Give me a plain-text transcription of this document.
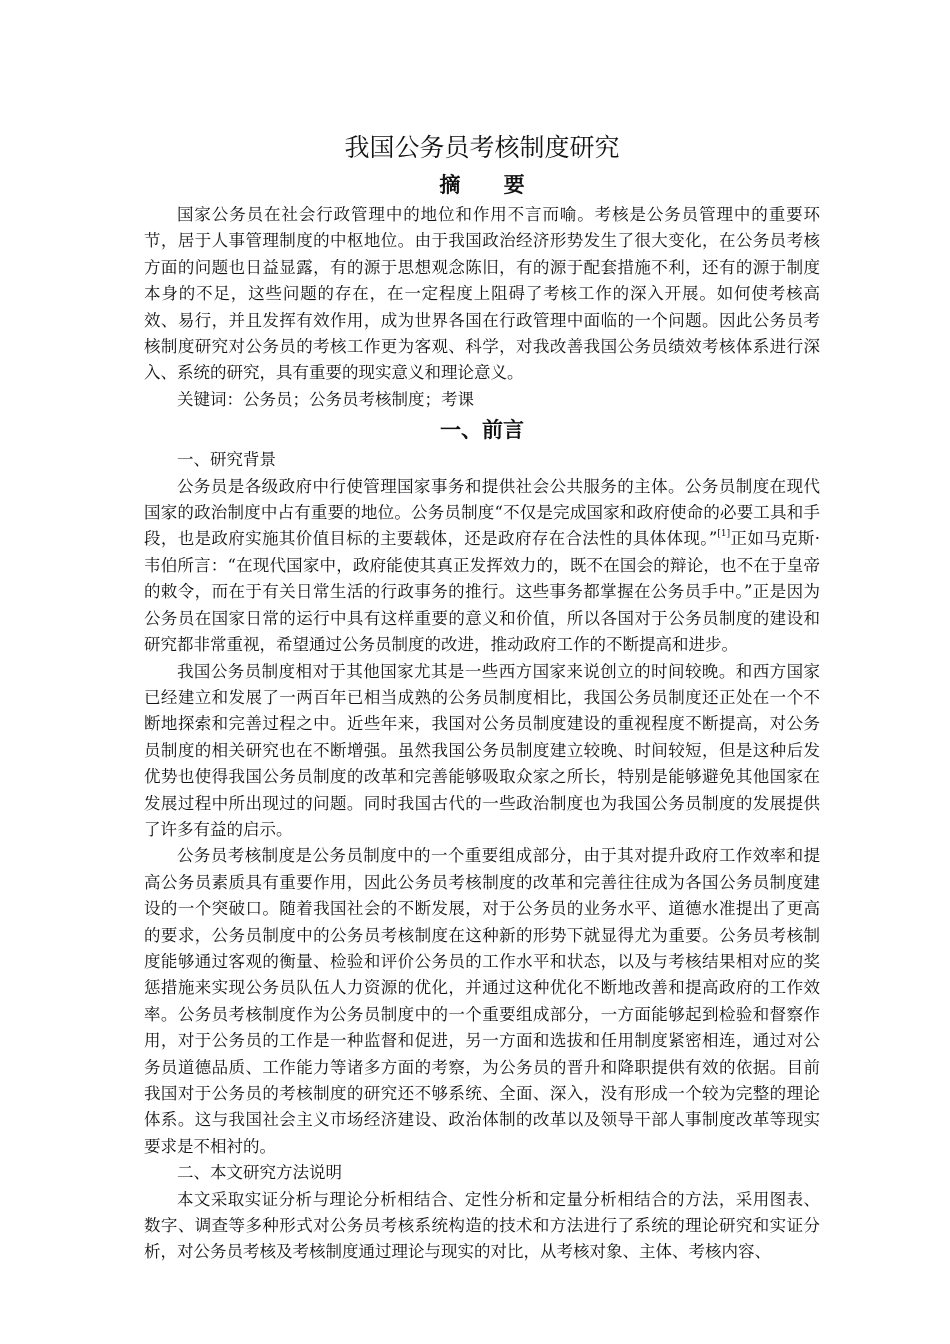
我国公务员考核制度研究
摘 要

国家公务员在社会行政管理中的地位和作用不言而喻。考核是公务员管理中的重要环节，居于人事管理制度的中枢地位。由于我国政治经济形势发生了很大变化，在公务员考核方面的问题也日益显露，有的源于思想观念陈旧，有的源于配套措施不利，还有的源于制度本身的不足，这些问题的存在，在一定程度上阻碍了考核工作的深入开展。如何使考核高效、易行，并且发挥有效作用，成为世界各国在行政管理中面临的一个问题。因此公务员考核制度研究对公务员的考核工作更为客观、科学，对我改善我国公务员绩效考核体系进行深入、系统的研究，具有重要的现实意义和理论意义。

关键词：公务员；公务员考核制度；考课

一、前言

一、研究背景

公务员是各级政府中行使管理国家事务和提供社会公共服务的主体。公务员制度在现代国家的政治制度中占有重要的地位。公务员制度“不仅是完成国家和政府使命的必要工具和手段，也是政府实施其价值目标的主要载体，还是政府存在合法性的具体体现。”[1]正如马克斯·韦伯所言：“在现代国家中，政府能使其真正发挥效力的，既不在国会的辩论，也不在于皇帝的敕令，而在于有关日常生活的行政事务的推行。这些事务都掌握在公务员手中。”正是因为公务员在国家日常的运行中具有这样重要的意义和价值，所以各国对于公务员制度的建设和研究都非常重视，希望通过公务员制度的改进，推动政府工作的不断提高和进步。

我国公务员制度相对于其他国家尤其是一些西方国家来说创立的时间较晚。和西方国家已经建立和发展了一两百年已相当成熟的公务员制度相比，我国公务员制度还正处在一个不断地探索和完善过程之中。近些年来，我国对公务员制度建设的重视程度不断提高，对公务员制度的相关研究也在不断增强。虽然我国公务员制度建立较晚、时间较短，但是这种后发优势也使得我国公务员制度的改革和完善能够吸取众家之所长，特别是能够避免其他国家在发展过程中所出现过的问题。同时我国古代的一些政治制度也为我国公务员制度的发展提供了许多有益的启示。

公务员考核制度是公务员制度中的一个重要组成部分，由于其对提升政府工作效率和提高公务员素质具有重要作用，因此公务员考核制度的改革和完善往往成为各国公务员制度建设的一个突破口。随着我国社会的不断发展，对于公务员的业务水平、道德水准提出了更高的要求，公务员制度中的公务员考核制度在这种新的形势下就显得尤为重要。公务员考核制度能够通过客观的衡量、检验和评价公务员的工作水平和状态，以及与考核结果相对应的奖惩措施来实现公务员队伍人力资源的优化，并通过这种优化不断地改善和提高政府的工作效率。公务员考核制度作为公务员制度中的一个重要组成部分，一方面能够起到检验和督察作用，对于公务员的工作是一种监督和促进，另一方面和选拔和任用制度紧密相连，通过对公务员道德品质、工作能力等诸多方面的考察，为公务员的晋升和降职提供有效的依据。目前我国对于公务员的考核制度的研究还不够系统、全面、深入，没有形成一个较为完整的理论体系。这与我国社会主义市场经济建设、政治体制的改革以及领导干部人事制度改革等现实要求是不相衬的。

二、本文研究方法说明

本文采取实证分析与理论分析相结合、定性分析和定量分析相结合的方法，采用图表、数字、调查等多种形式对公务员考核系统构造的技术和方法进行了系统的理论研究和实证分析，对公务员考核及考核制度通过理论与现实的对比，从考核对象、主体、考核内容、
